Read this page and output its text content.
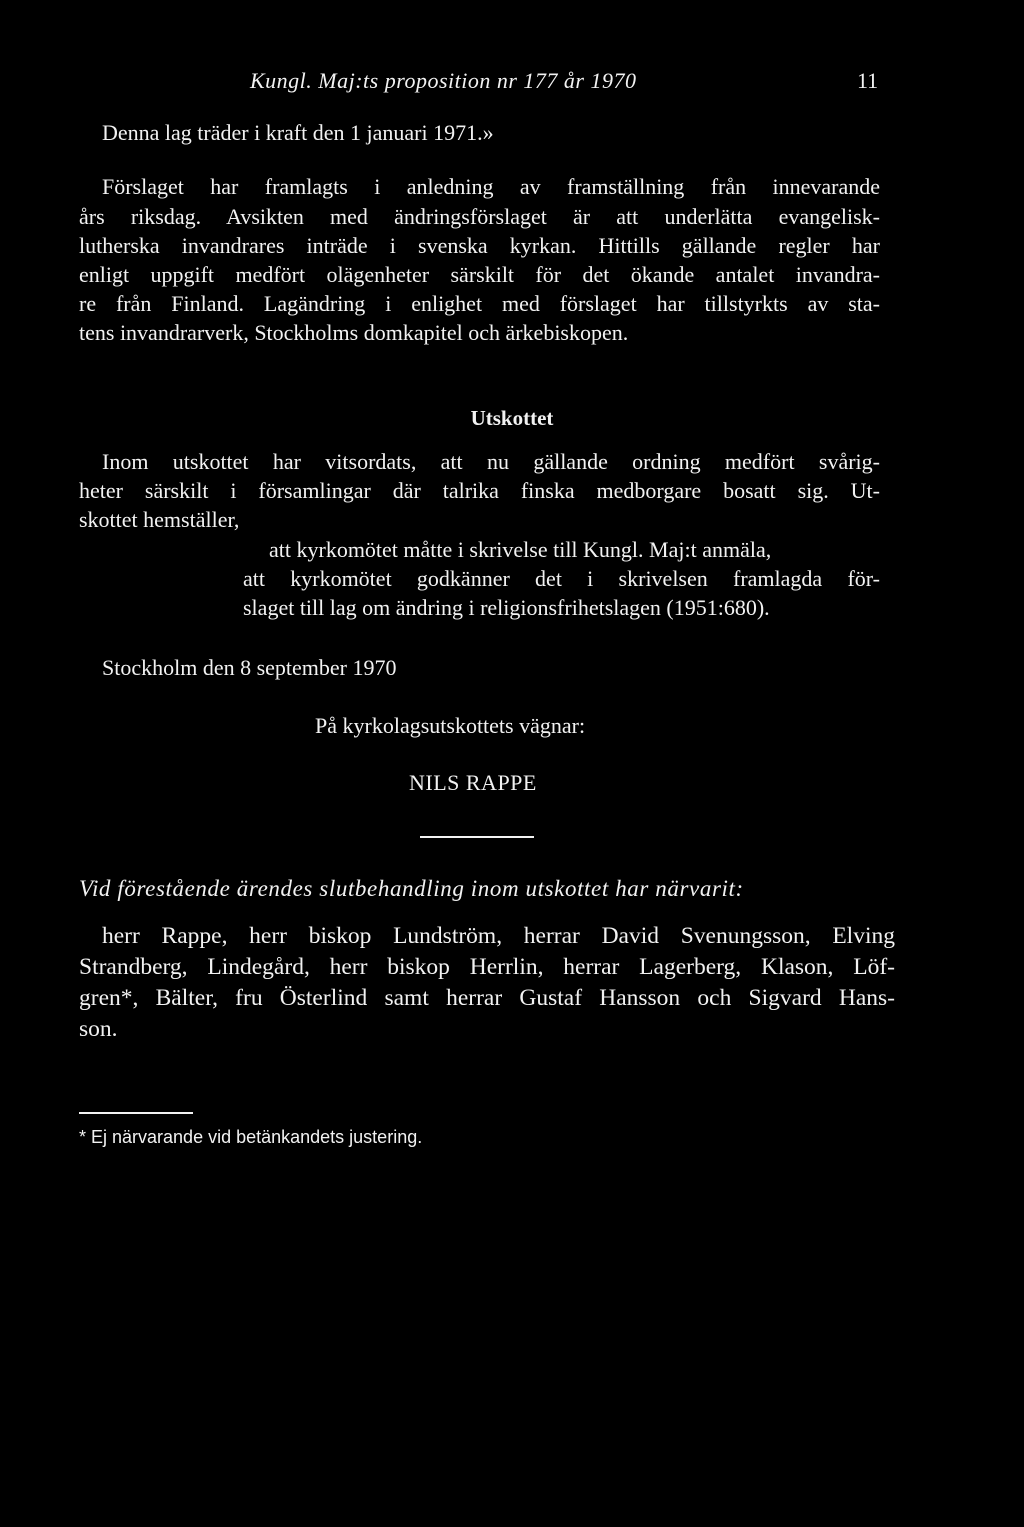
Kungl. Maj:ts proposition nr 177 år 1970	11
Denna lag träder i kraft den 1 januari 1971.»
Förslaget har framlagts i anledning av framställning från innevarande
års riksdag. Avsikten med ändringsförslaget är att underlätta evangelisk-
lutherska invandrares inträde i svenska kyrkan. Hittills gällande regler har
enligt uppgift medfört olägenheter särskilt för det ökande antalet invandra-
re från Finland. Lagändring i enlighet med förslaget har tillstyrkts av sta-
tens invandrarverk, Stockholms domkapitel och ärkebiskopen.
Utskottet
Inom utskottet har vitsordats, att nu gällande ordning medfört svårig-
heter särskilt i församlingar där talrika finska medborgare bosatt sig. Ut-
skottet hemställer,
att kyrkomötet måtte i skrivelse till Kungl. Maj:t anmäla,
att kyrkomötet godkänner det i skrivelsen framlagda för-
slaget till lag om ändring i religionsfrihetslagen (1951:680).
Stockholm den 8 september 1970
På kyrkolagsutskottets vägnar:
NILS RAPPE
Vid förestående ärendes slutbehandling inom utskottet har närvarit:
herr Rappe, herr biskop Lundström, herrar David Svenungsson, Elving
Strandberg, Lindegård, herr biskop Herrlin, herrar Lagerberg, Klason, Löf-
gren*, Bälter, fru Österlind samt herrar Gustaf Hansson och Sigvard Hans-
son.
* Ej närvarande vid betänkandets justering.
